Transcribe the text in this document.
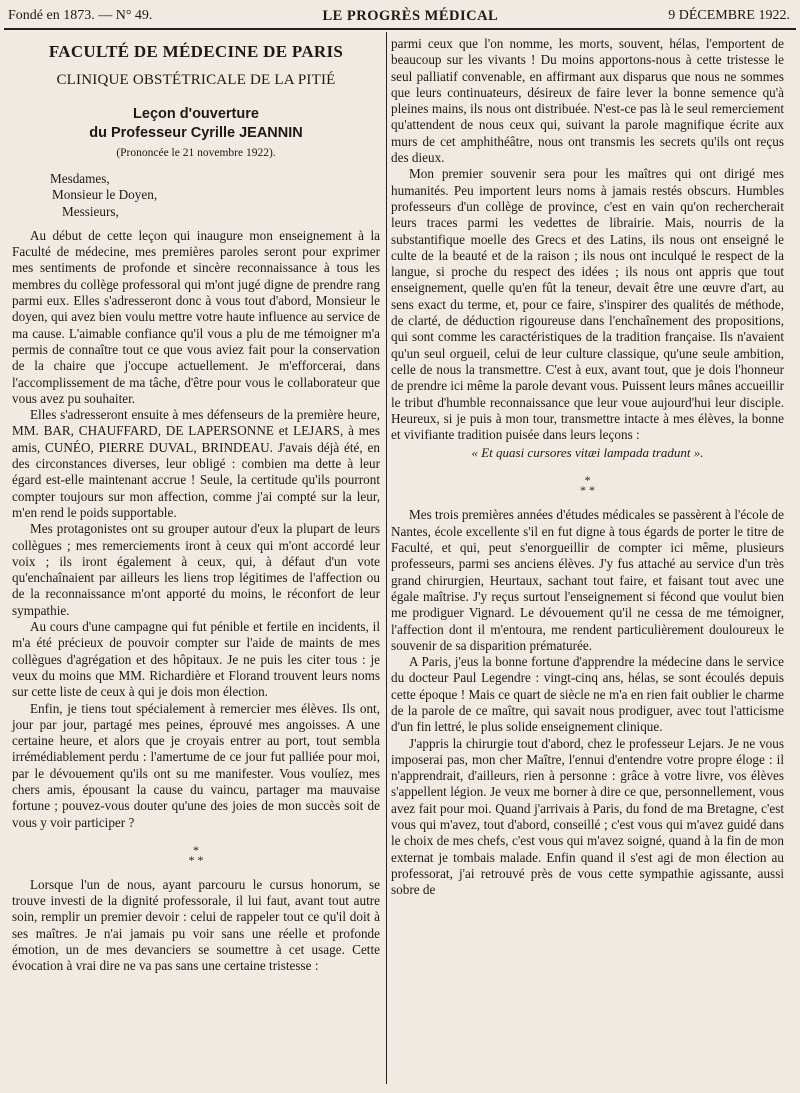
Fondé en 1873. — N° 49.	LE PROGRÈS MÉDICAL	9 DÉCEMBRE 1922.

FACULTÉ DE MÉDECINE DE PARIS

CLINIQUE OBSTÉTRICALE DE LA PITIÉ

Leçon d'ouverture

du Professeur Cyrille JEANNIN

(Prononcée le 21 novembre 1922).

Mesdames,

Monsieur le Doyen,

Messieurs,

Au début de cette leçon qui inaugure mon enseignement à la Faculté de médecine, mes premières paroles seront pour exprimer mes sentiments de profonde et sincère reconnaissance à tous les membres du collège professoral qui m'ont jugé digne de prendre rang parmi eux. Elles s'adresseront donc à vous tout d'abord, Monsieur le doyen, qui avez bien voulu mettre votre haute influence au service de ma cause. L'aimable confiance qu'il vous a plu de me témoigner m'a permis de connaître tout ce que vous aviez fait pour la conservation de la chaire que j'occupe actuellement. Je m'efforcerai, dans l'accomplissement de ma tâche, d'être pour vous le collaborateur que vous avez pu souhaiter.

Elles s'adresseront ensuite à mes défenseurs de la première heure, MM. BAR, CHAUFFARD, DE LAPERSONNE et LEJARS, à mes amis, CUNÉO, PIERRE DUVAL, BRINDEAU. J'avais déjà été, en des circonstances diverses, leur obligé : combien ma dette à leur égard est-elle maintenant accrue ! Seule, la certitude qu'ils pourront compter toujours sur mon affection, comme j'ai compté sur la leur, m'en rend le poids supportable.

Mes protagonistes ont su grouper autour d'eux la plupart de leurs collègues ; mes remerciements iront à ceux qui m'ont accordé leur voix ; ils iront également à ceux, qui, à défaut d'un vote qu'enchaînaient par ailleurs les liens trop légitimes de l'affection ou de la reconnaissance m'ont apporté du moins, le réconfort de leur sympathie.

Au cours d'une campagne qui fut pénible et fertile en incidents, il m'a été précieux de pouvoir compter sur l'aide de maints de mes collègues d'agrégation et des hôpitaux. Je ne puis les citer tous : je veux du moins que MM. Richardière et Florand trouvent leurs noms sur cette liste de ceux à qui je dois mon élection.

Enfin, je tiens tout spécialement à remercier mes élèves. Ils ont, jour par jour, partagé mes peines, éprouvé mes angoisses. A une certaine heure, et alors que je croyais entrer au port, tout sembla irrémédiablement perdu : l'amertume de ce jour fut palliée pour moi, par le dévouement qu'ils ont su me manifester. Vous voulíez, mes chers amis, épousant la cause du vaincu, partager ma mauvaise fortune ; pouvez-vous douter qu'une des joies de mon succès soit de vous y voir participer ?

*
* *

Lorsque l'un de nous, ayant parcouru le cursus honorum, se trouve investi de la dignité professorale, il lui faut, avant tout autre soin, remplir un premier devoir : celui de rappeler tout ce qu'il doit à ses maîtres. Je n'ai jamais pu voir sans une réelle et profonde émotion, un de mes devanciers se soumettre à cet usage. Cette évocation à vrai dire ne va pas sans une certaine tristesse :

parmi ceux que l'on nomme, les morts, souvent, hélas, l'emportent de beaucoup sur les vivants ! Du moins apportons-nous à cette tristesse le seul palliatif convenable, en affirmant aux disparus que nous ne sommes que leurs continuateurs, désireux de faire lever la bonne semence qu'à pleines mains, ils nous ont distribuée. N'est-ce pas là le seul remerciement qu'attendent de nous ceux qui, suivant la parole magnifique écrite aux murs de cet amphithéâtre, nous ont transmis les secrets qu'ils ont reçus des dieux.

Mon premier souvenir sera pour les maîtres qui ont dirigé mes humanités. Peu importent leurs noms à jamais restés obscurs. Humbles professeurs d'un collège de province, c'est en vain qu'on rechercherait leurs traces parmi les vedettes de librairie. Mais, nourris de la substantifique moelle des Grecs et des Latins, ils nous ont enseigné le culte de la beauté et de la raison ; ils nous ont inculqué le respect de la langue, si proche du respect des idées ; ils nous ont appris que tout enseignement, quelle qu'en fût la teneur, devait être une œuvre d'art, au sens exact du terme, et, pour ce faire, s'inspirer des qualités de méthode, de clarté, de déduction rigoureuse dans l'enchaînement des propositions, qui sont comme les caractéristiques de la tradition française. Ils n'avaient qu'un seul orgueil, celui de leur culture classique, qu'une seule ambition, celle de nous la transmettre. C'est à eux, avant tout, que je dois l'honneur de prendre ici même la parole devant vous. Puissent leurs mânes accueillir le tribut d'humble reconnaissance que leur voue aujourd'hui leur disciple. Heureux, si je puis à mon tour, transmettre intacte à mes élèves, la bonne et vivifiante tradition puisée dans leurs leçons :

« Et quasi cursores vitæi lampada tradunt ».

*
* *

Mes trois premières années d'études médicales se passèrent à l'école de Nantes, école excellente s'il en fut digne à tous égards de porter le titre de Faculté, et qui, peut s'enorgueillir de compter ici même, plusieurs professeurs, parmi ses anciens élèves. J'y fus attaché au service d'un très grand chirurgien, Heurtaux, sachant tout faire, et faisant tout avec une égale maîtrise. J'y reçus surtout l'enseignement si fécond que voulut bien me prodiguer Vignard. Le dévouement qu'il ne cessa de me témoigner, l'affection dont il m'entoura, me rendent particulièrement douloureux le souvenir de sa disparition prématurée.

A Paris, j'eus la bonne fortune d'apprendre la médecine dans le service du docteur Paul Legendre : vingt-cinq ans, hélas, se sont écoulés depuis cette époque ! Mais ce quart de siècle ne m'a en rien fait oublier le charme de la parole de ce maître, qui savait nous prodiguer, avec tout l'atticisme d'un fin lettré, le plus solide enseignement clinique.

J'appris la chirurgie tout d'abord, chez le professeur Lejars. Je ne vous imposerai pas, mon cher Maître, l'ennui d'entendre votre propre éloge : il n'apprendrait, d'ailleurs, rien à personne : grâce à votre livre, vos élèves s'appellent légion. Je veux me borner à dire ce que, personnellement, vous avez fait pour moi. Quand j'arrivais à Paris, du fond de ma Bretagne, c'est vous qui m'avez, tout d'abord, conseillé ; c'est vous qui m'avez guidé dans le choix de mes chefs, c'est vous qui m'avez soigné, quand à la fin de mon externat je tombais malade. Enfin quand il s'est agi de mon élection au professorat, j'ai retrouvé près de vous cette sympathie agissante, aussi sobre de
